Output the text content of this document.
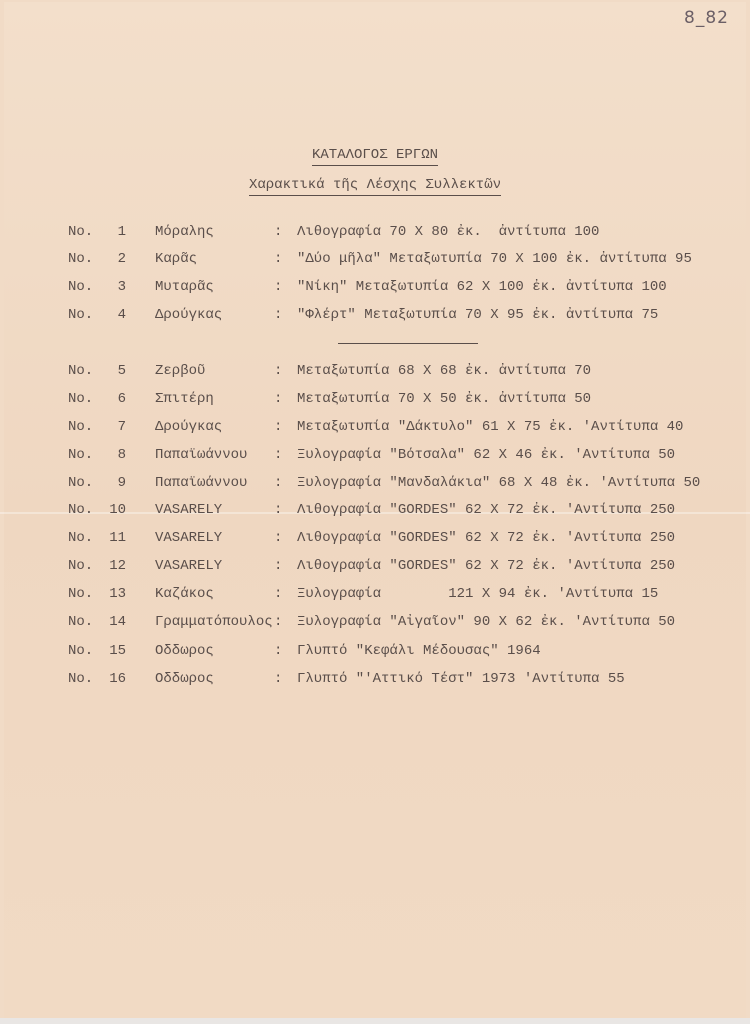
8_82
ΚΑΤΑΛΟΓΟΣ ΕΡΓΩΝ
Χαρακτικά τῆς Λέσχης Συλλεκτῶν
No.	1 Μόραλης	: Λιθογραφία 70 X 80 ἐκ.  ἀντίτυπα 100
No.	2 Καρᾶς	: "Δύο μῆλα" Μεταξωτυπία 70 X 100 ἐκ. ἀντίτυπα 95
No.	3 Μυταρᾶς	: "Νίκη" Μεταξωτυπία 62 X 100 ἐκ. ἀντίτυπα 100
No.	4 Δρούγκας	: "Φλέρτ" Μεταξωτυπία 70 X 95 ἐκ. ἀντίτυπα 75
No.	5 Ζερβοῦ	: Μεταξωτυπία 68 X 68 ἐκ. ἀντίτυπα 70
No.	6 Σπιτέρη	: Μεταξωτυπία 70 X 50 ἐκ. ἀντίτυπα 50
No.	7 Δρούγκας	: Μεταξωτυπία "Δάκτυλο" 61 X 75 ἐκ. 'Αντίτυπα 40
No.	8 Παπαϊωάννου : Ξυλογραφία "Βότσαλα" 62 X 46 ἐκ. 'Αντίτυπα 50
No.	9 Παπαϊωάννου : Ξυλογραφία "Μανδαλάκια" 68 X 48 ἐκ. 'Αντίτυπα 50
No.	10 VASARELY	: Λιθογραφία "GORDES" 62 X 72 ἐκ. 'Αντίτυπα 250
No.	11 VASARELY	: Λιθογραφία "GORDES" 62 X 72 ἐκ. 'Αντίτυπα 250
No.	12 VASARELY	: Λιθογραφία "GORDES" 62 X 72 ἐκ. 'Αντίτυπα 250
No.	13 Καζάκος	: Ξυλογραφία        121 X 94 ἐκ. 'Αντίτυπα 15
No.	14 Γραμματόπουλος : Ξυλογραφία "Αἰγαῖον" 90 X 62 ἐκ. 'Αντίτυπα 50
No.	15 Οδδωρος	: Γλυπτό "Κεφάλι Μέδουσας" 1964
No.	16 Οδδωρος	: Γλυπτό "'Αττικό Τέστ" 1973 'Αντίτυπα 55
